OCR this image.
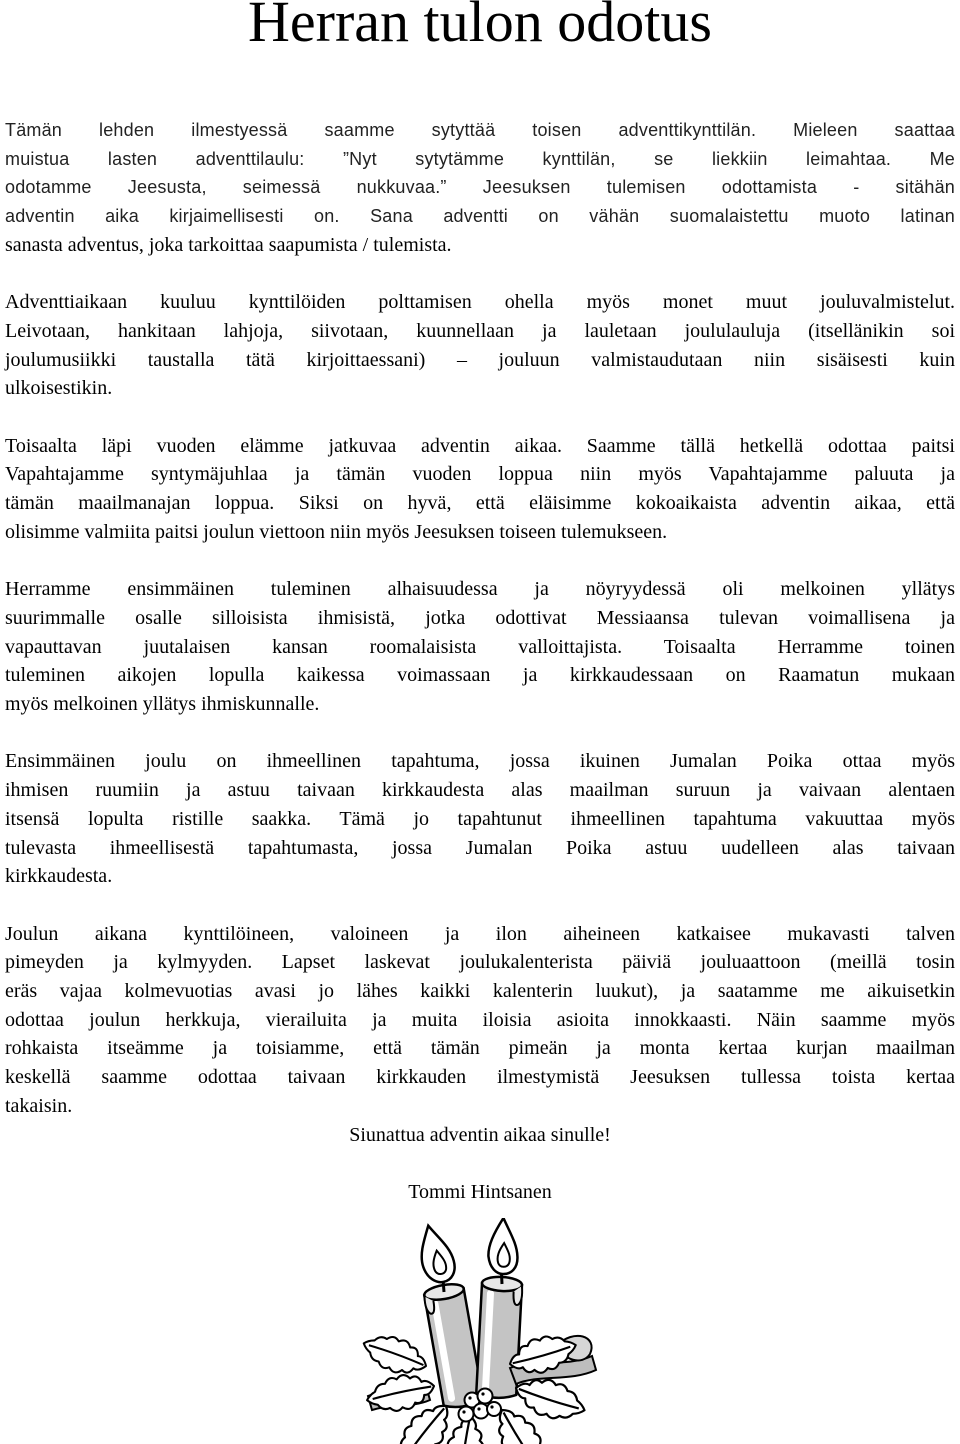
Herran tulon odotus

Tämän lehden ilmestyessä saamme sytyttää toisen adventtikynttilän. Mieleen saattaa
muistua lasten adventtilaulu: ”Nyt sytytämme kynttilän, se liekkiin leimahtaa. Me
odotamme Jeesusta, seimessä nukkuvaa.” Jeesuksen tulemisen odottamista - sitähän
adventin aika kirjaimellisesti on. Sana adventti on vähän suomalaistettu muoto latinan
sanasta adventus, joka tarkoittaa saapumista / tulemista.

Adventtiaikaan kuuluu kynttilöiden polttamisen ohella myös monet muut jouluvalmistelut.
Leivotaan, hankitaan lahjoja, siivotaan, kuunnellaan ja lauletaan joululauluja (itsellänikin soi
joulumusiikki taustalla tätä kirjoittaessani) – jouluun valmistaudutaan niin sisäisesti kuin
ulkoisestikin.

Toisaalta läpi vuoden elämme jatkuvaa adventin aikaa. Saamme tällä hetkellä odottaa paitsi
Vapahtajamme syntymäjuhlaa ja tämän vuoden loppua niin myös Vapahtajamme paluuta ja
tämän maailmanajan loppua. Siksi on hyvä, että eläisimme kokoaikaista adventin aikaa, että
olisimme valmiita paitsi joulun viettoon niin myös Jeesuksen toiseen tulemukseen.

Herramme ensimmäinen tuleminen alhaisuudessa ja nöyryydessä oli melkoinen yllätys
suurimmalle osalle silloisista ihmisistä, jotka odottivat Messiaansa tulevan voimallisena ja
vapauttavan juutalaisen kansan roomalaisista valloittajista. Toisaalta Herramme toinen
tuleminen aikojen lopulla kaikessa voimassaan ja kirkkaudessaan on Raamatun mukaan
myös melkoinen yllätys ihmiskunnalle.

Ensimmäinen joulu on ihmeellinen tapahtuma, jossa ikuinen Jumalan Poika ottaa myös
ihmisen ruumiin ja astuu taivaan kirkkaudesta alas maailman suruun ja vaivaan alentaen
itsensä lopulta ristille saakka. Tämä jo tapahtunut ihmeellinen tapahtuma vakuuttaa myös
tulevasta ihmeellisestä tapahtumasta, jossa Jumalan Poika astuu uudelleen alas taivaan
kirkkaudesta.

Joulun aikana kynttilöineen, valoineen ja ilon aiheineen katkaisee mukavasti talven
pimeyden ja kylmyyden. Lapset laskevat joulukalenterista päiviä jouluaattoon (meillä tosin
eräs vajaa kolmevuotias avasi jo lähes kaikki kalenterin luukut), ja saatamme me aikuisetkin
odottaa joulun herkkuja, vierailuita ja muita iloisia asioita innokkaasti. Näin saamme myös
rohkaista itseämme ja toisiamme, että tämän pimeän ja monta kertaa kurjan maailman
keskellä saamme odottaa taivaan kirkkauden ilmestymistä Jeesuksen tullessa toista kertaa
takaisin.

Siunattua adventin aikaa sinulle!

Tommi Hintsanen
